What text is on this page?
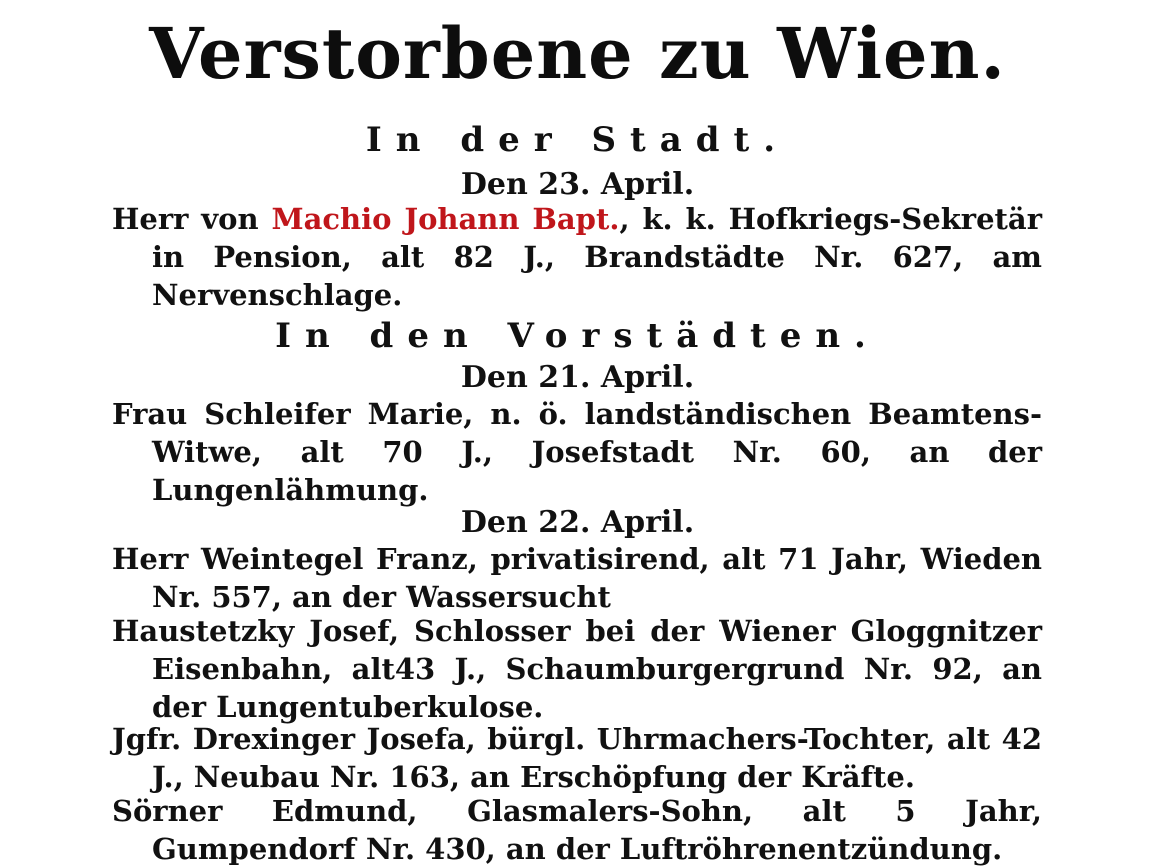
Verstorbene zu Wien.
In der Stadt.
Den 23. April.
Herr von Machio Johann Bapt., k. k. Hofkriegs-Sekretär in Pension, alt 82 J., Brandstädte Nr. 627, am Nervenschlage.
In den Vorstädten.
Den 21. April.
Frau Schleifer Marie, n. ö. landständischen Beamtens-Witwe, alt 70 J., Josefstadt Nr. 60, an der Lungenlähmung.
Den 22. April.
Herr Weintegel Franz, privatisirend, alt 71 Jahr, Wieden Nr. 557, an der Wassersucht
Haustetzky Josef, Schlosser bei der Wiener Gloggnitzer Eisenbahn, alt43 J., Schaumburgergrund Nr. 92, an der Lungentuberkulose.
Jgfr. Drexinger Josefa, bürgl. Uhrmachers-Tochter, alt 42 J., Neubau Nr. 163, an Erschöpfung der Kräfte.
Sörner Edmund, Glasmalers-Sohn, alt 5 Jahr, Gumpendorf Nr. 430, an der Luftröhrenentzündung.
